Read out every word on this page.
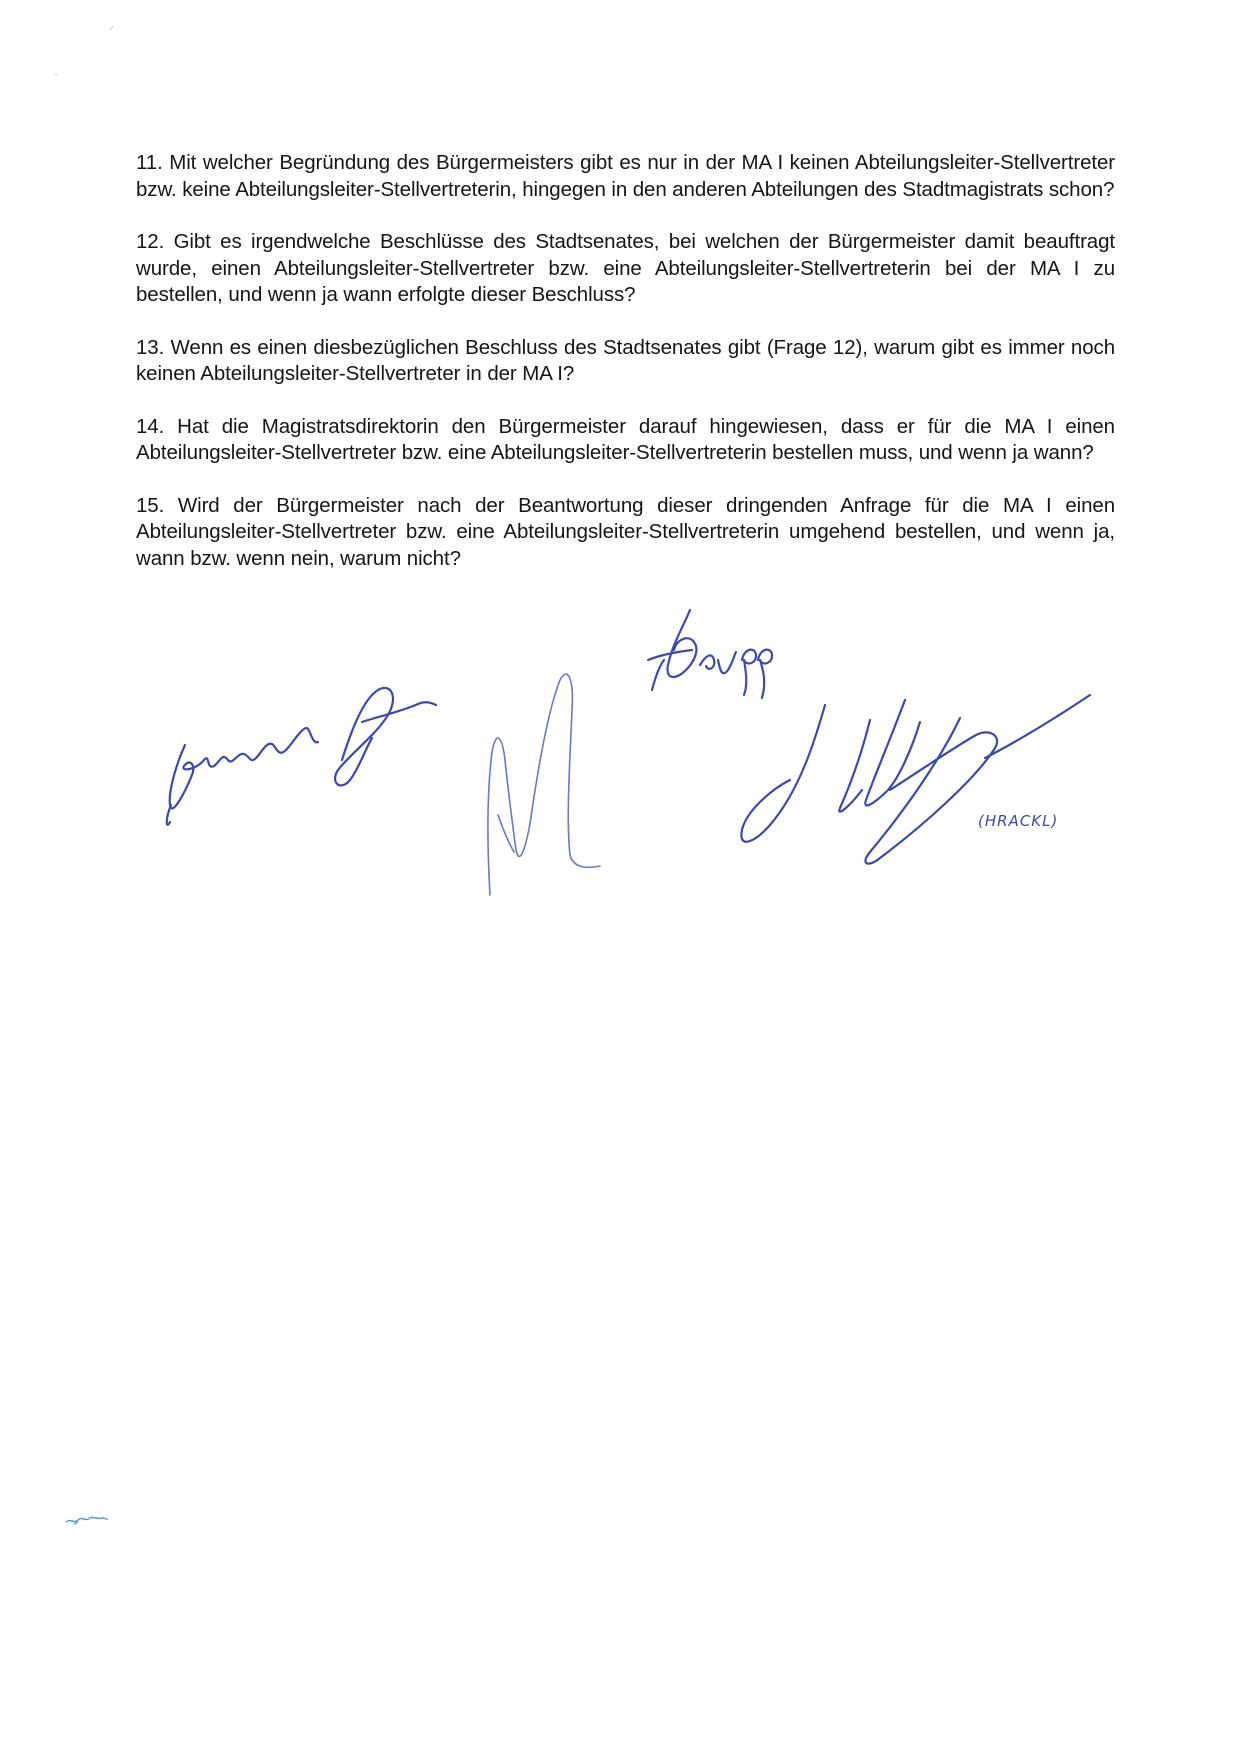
11. Mit welcher Begründung des Bürgermeisters gibt es nur in der MA I keinen Abteilungsleiter-Stellvertreter bzw. keine Abteilungsleiter-Stellvertreterin, hingegen in den anderen Abteilungen des Stadtmagistrats schon?

12. Gibt es irgendwelche Beschlüsse des Stadtsenates, bei welchen der Bürgermeister damit beauftragt wurde, einen Abteilungsleiter-Stellvertreter bzw. eine Abteilungsleiter-Stellvertreterin bei der MA I zu bestellen, und wenn ja wann erfolgte dieser Beschluss?

13. Wenn es einen diesbezüglichen Beschluss des Stadtsenates gibt (Frage 12), warum gibt es immer noch keinen Abteilungsleiter-Stellvertreter in der MA I?

14. Hat die Magistratsdirektorin den Bürgermeister darauf hingewiesen, dass er für die MA I einen Abteilungsleiter-Stellvertreter bzw. eine Abteilungsleiter-Stellvertreterin bestellen muss, und wenn ja wann?

15. Wird der Bürgermeister nach der Beantwortung dieser dringenden Anfrage für die MA I einen Abteilungsleiter-Stellvertreter bzw. eine Abteilungsleiter-Stellvertreterin umgehend bestellen, und wenn ja, wann bzw. wenn nein, warum nicht?

(HRACKL)
